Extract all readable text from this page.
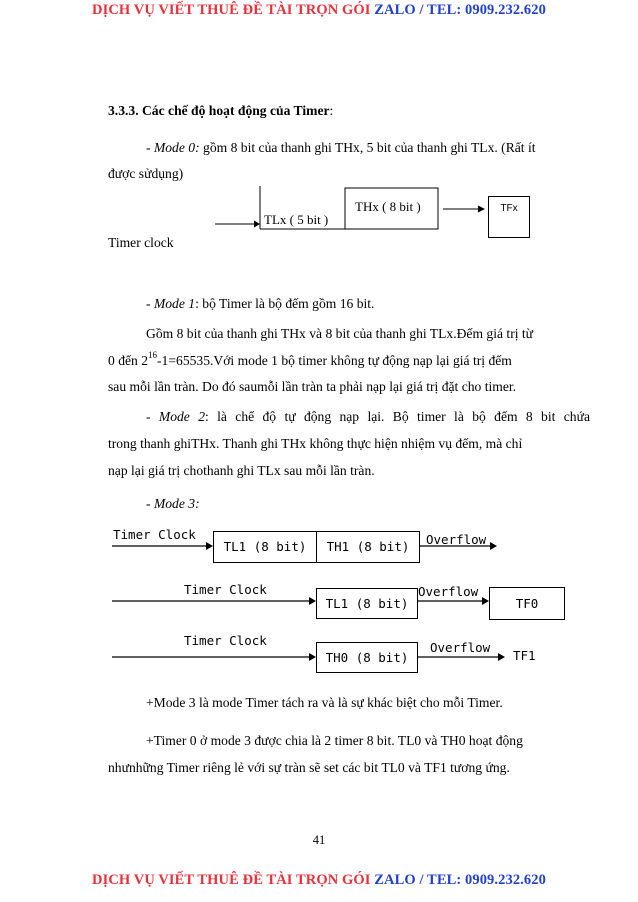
DỊCH VỤ VIẾT THUÊ ĐỀ TÀI TRỌN GÓI ZALO / TEL: 0909.232.620
3.3.3. Các chế độ hoạt động của Timer:
- Mode 0: gồm 8 bit của thanh ghi THx, 5 bit của thanh ghi TLx. (Rất ít
được sửdụng)
THx ( 8 bit )
TLx ( 5 bit )
TFx
Timer clock
- Mode 1: bộ Timer là bộ đếm gồm 16 bit.
Gồm 8 bit của thanh ghi THx và 8 bit của thanh ghi TLx.Đếm giá trị từ
0 đến $2^{16}-1=65535.Với$ mode 1 bộ timer không tự động nạp lại giá trị đếm
sau mỗi lần tràn. Do đó saumỗi lần tràn ta phải nạp lại giá trị đặt cho timer.
- Mode 2: là chế độ tự động nạp lại. Bộ timer là bộ đếm 8 bit chứa
trong thanh ghiTHx. Thanh ghi THx không thực hiện nhiệm vụ đếm, mà chỉ
nạp lại giá trị chothanh ghi TLx sau mỗi lần tràn.
- Mode 3:
Timer Clock
TL1 (8 bit)	TH1 (8 bit)	Overflow
Timer Clock
TL1 (8 bit)
Overflow
TF0
Timer Clock
TH0 (8 bit)
Overflow
TF1
+Mode 3 là mode Timer tách ra và là sự khác biệt cho mỗi Timer.
+Timer 0 ở mode 3 được chia là 2 timer 8 bit. TL0 và TH0 hoạt động
nhưnhững Timer riêng lẻ với sự tràn sẽ set các bit TL0 và TF1 tương ứng.
41
DỊCH VỤ VIẾT THUÊ ĐỀ TÀI TRỌN GÓI ZALO / TEL: 0909.232.620
